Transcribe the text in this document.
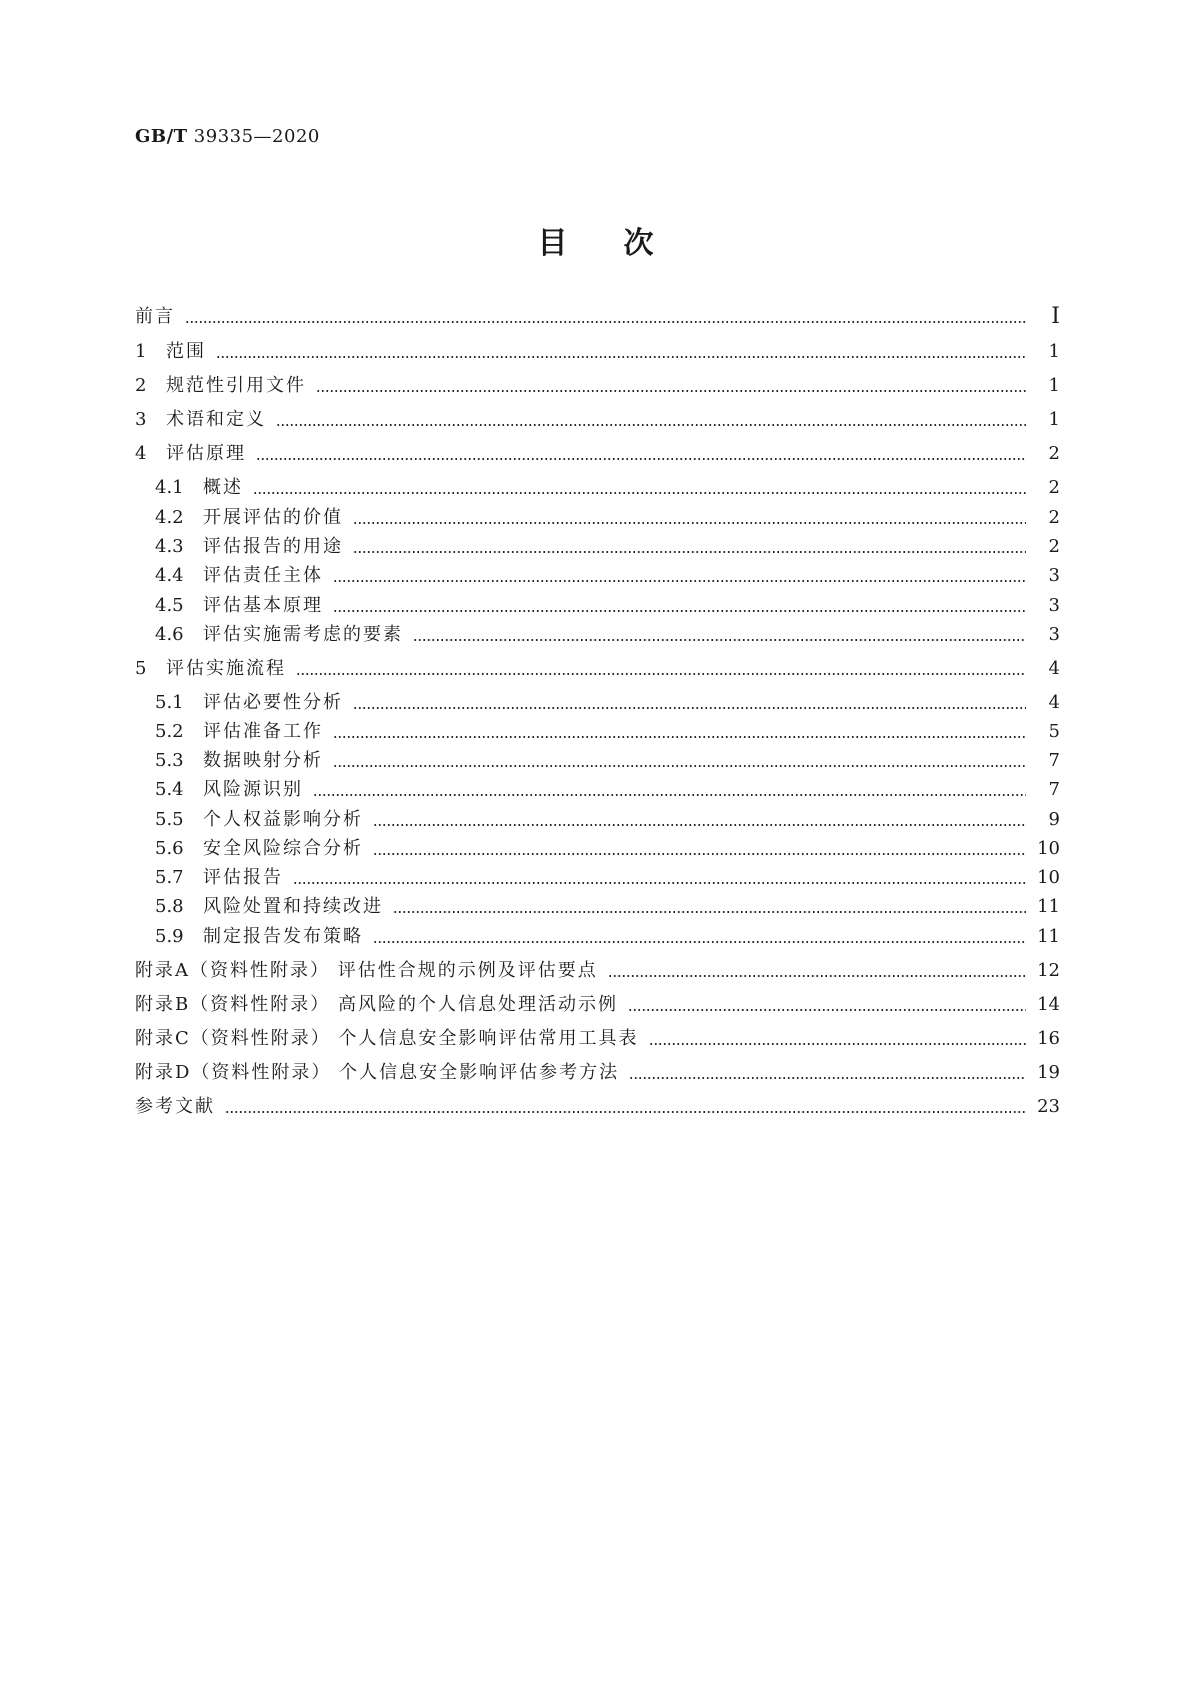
GB/T 39335—2020
目次
前言	Ⅰ
1	范围	1
2	规范性引用文件	1
3	术语和定义	1
4	评估原理	2
4.1	概述	2
4.2	开展评估的价值	2
4.3	评估报告的用途	2
4.4	评估责任主体	3
4.5	评估基本原理	3
4.6	评估实施需考虑的要素	3
5	评估实施流程	4
5.1	评估必要性分析	4
5.2	评估准备工作	5
5.3	数据映射分析	7
5.4	风险源识别	7
5.5	个人权益影响分析	9
5.6	安全风险综合分析	10
5.7	评估报告	10
5.8	风险处置和持续改进	11
5.9	制定报告发布策略	11
附录A（资料性附录） 评估性合规的示例及评估要点	12
附录B（资料性附录） 高风险的个人信息处理活动示例	14
附录C（资料性附录） 个人信息安全影响评估常用工具表	16
附录D（资料性附录） 个人信息安全影响评估参考方法	19
参考文献	23
